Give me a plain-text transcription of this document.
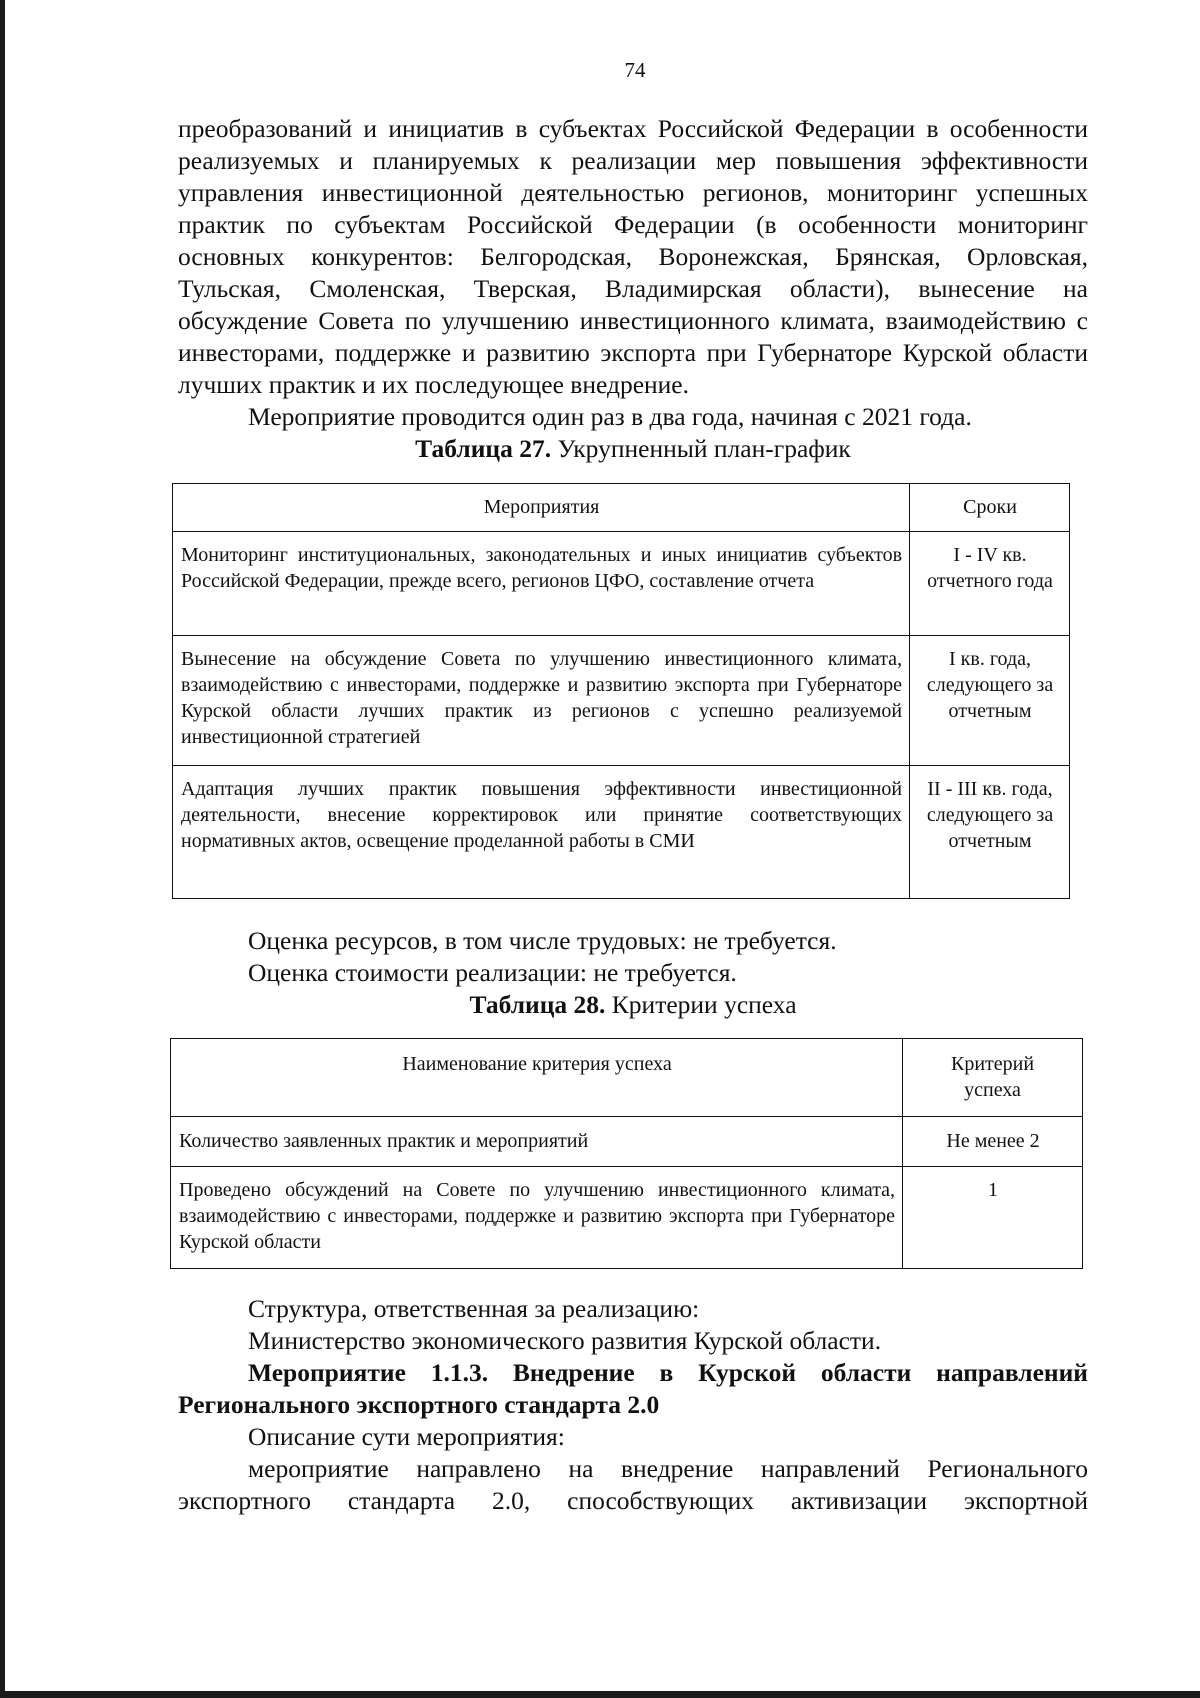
74

преобразований и инициатив в субъектах Российской Федерации в особенности реализуемых и планируемых к реализации мер повышения эффективности управления инвестиционной деятельностью регионов, мониторинг успешных практик по субъектам Российской Федерации (в особенности мониторинг основных конкурентов: Белгородская, Воронежская, Брянская, Орловская, Тульская, Смоленская, Тверская, Владимирская области), вынесение на обсуждение Совета по улучшению инвестиционного климата, взаимодействию с инвесторами, поддержке и развитию экспорта при Губернаторе Курской области лучших практик и их последующее внедрение.

Мероприятие проводится один раз в два года, начиная с 2021 года.

Таблица 27. Укрупненный план-график

Мероприятия	Сроки
Мониторинг институциональных, законодательных и иных инициатив субъектов Российской Федерации, прежде всего, регионов ЦФО, составление отчета	I - IV кв. отчетного года
Вынесение на обсуждение Совета по улучшению инвестиционного климата, взаимодействию с инвесторами, поддержке и развитию экспорта при Губернаторе Курской области лучших практик из регионов с успешно реализуемой инвестиционной стратегией	I кв. года, следующего за отчетным
Адаптация лучших практик повышения эффективности инвестиционной деятельности, внесение корректировок или принятие соответствующих нормативных актов, освещение проделанной работы в СМИ	II - III кв. года, следующего за отчетным

Оценка ресурсов, в том числе трудовых: не требуется.

Оценка стоимости реализации: не требуется.

Таблица 28. Критерии успеха

Наименование критерия успеха	Критерий успеха
Количество заявленных практик и мероприятий	Не менее 2
Проведено обсуждений на Совете по улучшению инвестиционного климата, взаимодействию с инвесторами, поддержке и развитию экспорта при Губернаторе Курской области	1

Структура, ответственная за реализацию:

Министерство экономического развития Курской области.

Мероприятие 1.1.3. Внедрение в Курской области направлений Регионального экспортного стандарта 2.0

Описание сути мероприятия:

мероприятие направлено на внедрение направлений Регионального экспортного стандарта 2.0, способствующих активизации экспортной
